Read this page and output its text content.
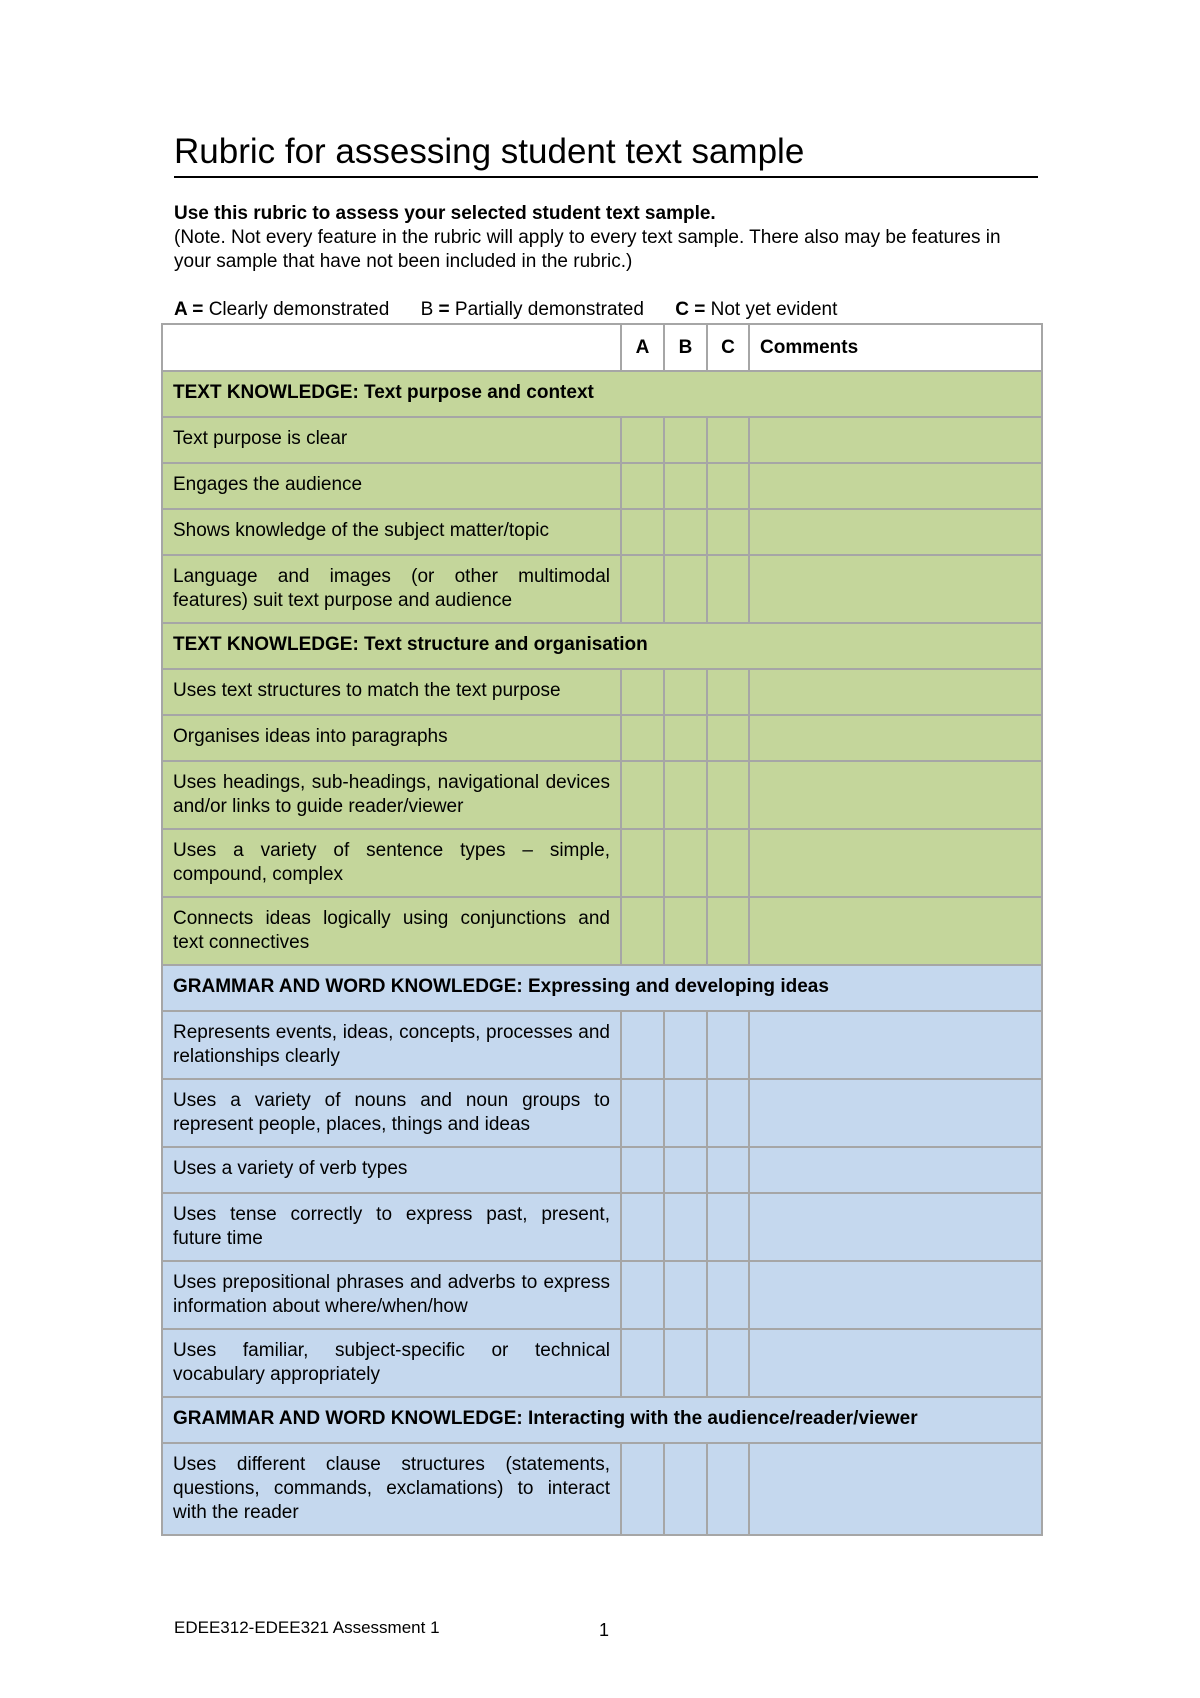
Rubric for assessing student text sample

Use this rubric to assess your selected student text sample.

(Note. Not every feature in the rubric will apply to every text sample. There also may be features in your sample that have not been included in the rubric.)

A = Clearly demonstrated B = Partially demonstrated C = Not yet evident
	A	B	C	Comments
TEXT KNOWLEDGE: Text purpose and context				
Text purpose is clear				
Engages the audience				
Shows knowledge of the subject matter/topic				
Language and images (or other multimodal features) suit text purpose and audience				
TEXT KNOWLEDGE: Text structure and organisation				
Uses text structures to match the text purpose				
Organises ideas into paragraphs				
Uses headings, sub-headings, navigational devices and/or links to guide reader/viewer				
Uses a variety of sentence types – simple, compound, complex				
Connects ideas logically using conjunctions and text connectives				
GRAMMAR AND WORD KNOWLEDGE: Expressing and developing ideas				
Represents events, ideas, concepts, processes and relationships clearly				
Uses a variety of nouns and noun groups to represent people, places, things and ideas				
Uses a variety of verb types				
Uses tense correctly to express past, present, future time				
Uses prepositional phrases and adverbs to express information about where/when/how				
Uses familiar, subject-specific or technical vocabulary appropriately				
GRAMMAR AND WORD KNOWLEDGE: Interacting with the audience/reader/viewer				
Uses different clause structures (statements, questions, commands, exclamations) to interact with the reader				
EDEE312-EDEE321 Assessment 1	1
